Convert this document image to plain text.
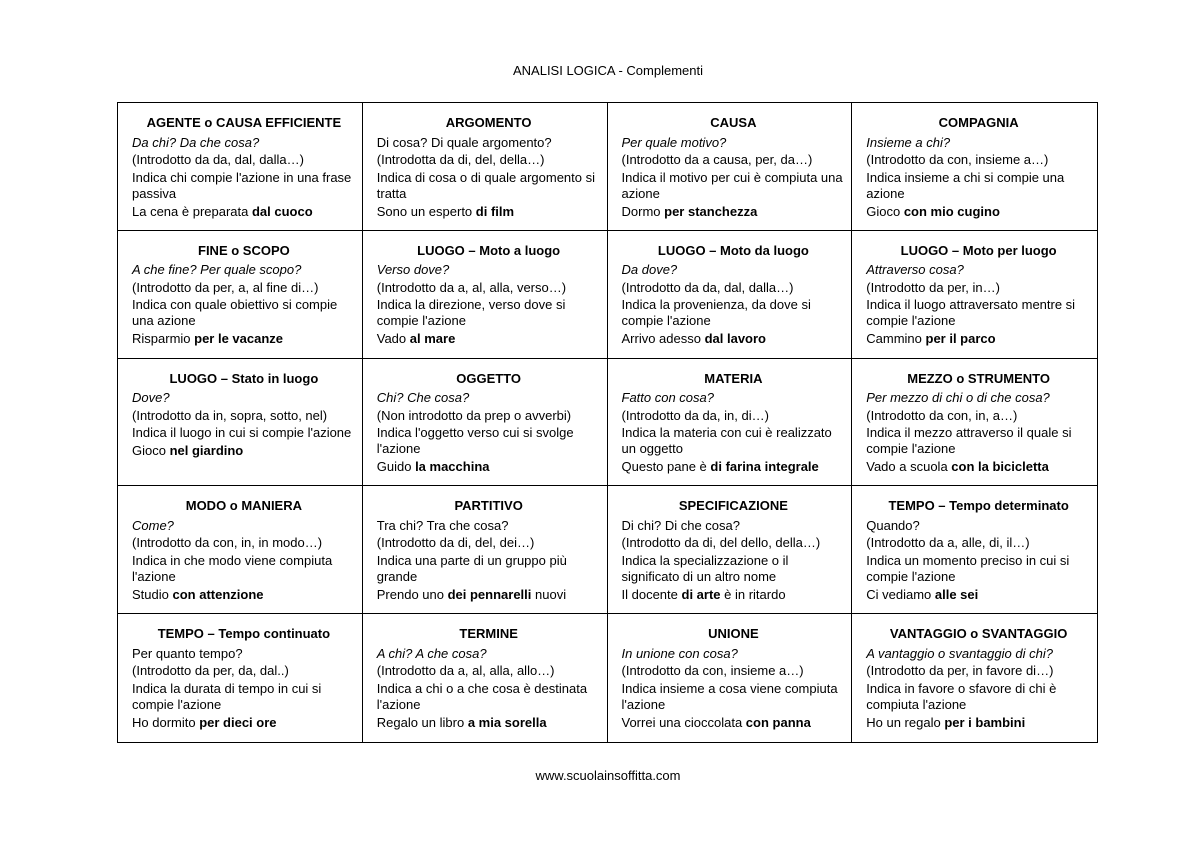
ANALISI LOGICA - Complementi
AGENTE o CAUSA EFFICIENTE
Da chi? Da che cosa?
(Introdotto da da, dal, dalla…)
Indica chi compie l'azione in una frase passiva
La cena è preparata dal cuoco
ARGOMENTO
Di cosa? Di quale argomento?
(Introdotta da di, del, della…)
Indica di cosa o di quale argomento si tratta
Sono un esperto di film
CAUSA
Per quale motivo?
(Introdotto da a causa, per, da…)
Indica il motivo per cui è compiuta una azione
Dormo per stanchezza
COMPAGNIA
Insieme a chi?
(Introdotto da con, insieme a…)
Indica insieme a chi si compie una azione
Gioco con mio cugino
FINE o SCOPO
A che fine? Per quale scopo?
(Introdotto da per, a, al fine di…)
Indica con quale obiettivo si compie una azione
Risparmio per le vacanze
LUOGO – Moto a luogo
Verso dove?
(Introdotto da a, al, alla, verso…)
Indica la direzione, verso dove si compie l'azione
Vado al mare
LUOGO – Moto da luogo
Da dove?
(Introdotto da da, dal, dalla…)
Indica la provenienza, da dove si compie l'azione
Arrivo adesso dal lavoro
LUOGO – Moto per luogo
Attraverso cosa?
(Introdotto da per, in…)
Indica il luogo attraversato mentre si compie l'azione
Cammino per il parco
LUOGO – Stato in luogo
Dove?
(Introdotto da in, sopra, sotto, nel)
Indica il luogo in cui si compie l'azione
Gioco nel giardino
OGGETTO
Chi? Che cosa?
(Non introdotto da prep o avverbi)
Indica l'oggetto verso cui si svolge l'azione
Guido la macchina
MATERIA
Fatto con cosa?
(Introdotto da da, in, di…)
Indica la materia con cui è realizzato un oggetto
Questo pane è di farina integrale
MEZZO o STRUMENTO
Per mezzo di chi o di che cosa?
(Introdotto da con, in, a…)
Indica il mezzo attraverso il quale si compie l'azione
Vado a scuola con la bicicletta
MODO o MANIERA
Come?
(Introdotto da con, in, in modo…)
Indica in che modo viene compiuta l'azione
Studio con attenzione
PARTITIVO
Tra chi? Tra che cosa?
(Introdotto da di, del, dei…)
Indica una parte di un gruppo più grande
Prendo uno dei pennarelli nuovi
SPECIFICAZIONE
Di chi? Di che cosa?
(Introdotto da di, del dello, della…)
Indica la specializzazione o il significato di un altro nome
Il docente di arte è in ritardo
TEMPO – Tempo determinato
Quando?
(Introdotto da a, alle, di, il…)
Indica un momento preciso in cui si compie l'azione
Ci vediamo alle sei
TEMPO – Tempo continuato
Per quanto tempo?
(Introdotto da per, da, dal..)
Indica la durata di tempo in cui si compie l'azione
Ho dormito per dieci ore
TERMINE
A chi? A che cosa?
(Introdotto da a, al, alla, allo…)
Indica a chi o a che cosa è destinata l'azione
Regalo un libro a mia sorella
UNIONE
In unione con cosa?
(Introdotto da con, insieme a…)
Indica insieme a cosa viene compiuta l'azione
Vorrei una cioccolata con panna
VANTAGGIO o SVANTAGGIO
A vantaggio o svantaggio di chi?
(Introdotto da per, in favore di…)
Indica in favore o sfavore di chi è compiuta l'azione
Ho un regalo per i bambini
www.scuolainsoffitta.com
